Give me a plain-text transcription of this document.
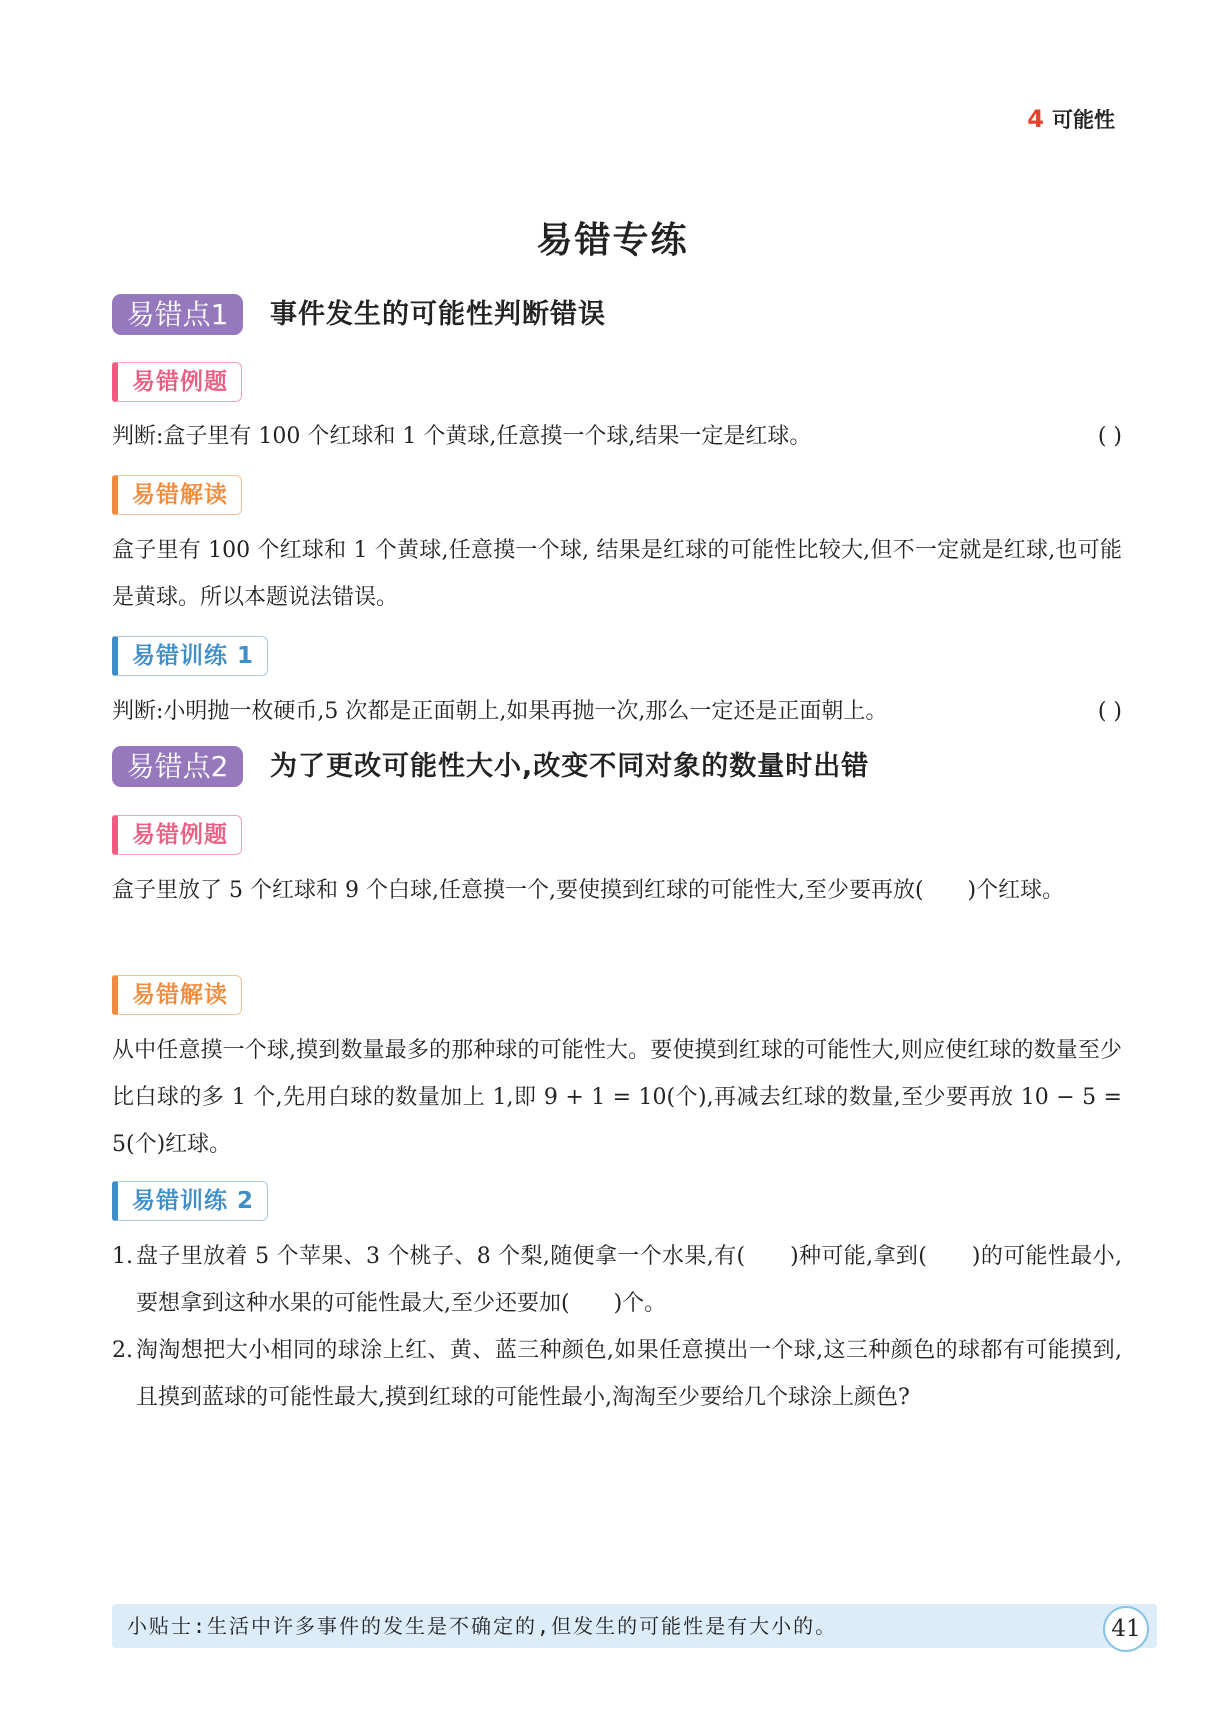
4 可能性
易错专练
易错点1	事件发生的可能性判断错误
易错例题
判断:盒子里有 100 个红球和 1 个黄球,任意摸一个球,结果一定是红球。	( )
易错解读
盒子里有 100 个红球和 1 个黄球,任意摸一个球, 结果是红球的可能性比较大,但不一定就是红球,也可能是黄球。所以本题说法错误。
易错训练 1
判断:小明抛一枚硬币,5 次都是正面朝上,如果再抛一次,那么一定还是正面朝上。	( )
易错点2	为了更改可能性大小,改变不同对象的数量时出错
易错例题
盒子里放了 5 个红球和 9 个白球,任意摸一个,要使摸到红球的可能性大,至少要再放(　　)个红球。
易错解读
从中任意摸一个球,摸到数量最多的那种球的可能性大。要使摸到红球的可能性大,则应使红球的数量至少比白球的多 1 个,先用白球的数量加上 1,即 9 + 1 = 10(个),再减去红球的数量,至少要再放 10 − 5 = 5(个)红球。
易错训练 2
1. 盘子里放着 5 个苹果、3 个桃子、8 个梨,随便拿一个水果,有(　　)种可能,拿到(　　)的可能性最小,要想拿到这种水果的可能性最大,至少还要加(　　)个。
2. 淘淘想把大小相同的球涂上红、黄、蓝三种颜色,如果任意摸出一个球,这三种颜色的球都有可能摸到,且摸到蓝球的可能性最大,摸到红球的可能性最小,淘淘至少要给几个球涂上颜色?
小贴士:生活中许多事件的发生是不确定的,但发生的可能性是有大小的。	41
